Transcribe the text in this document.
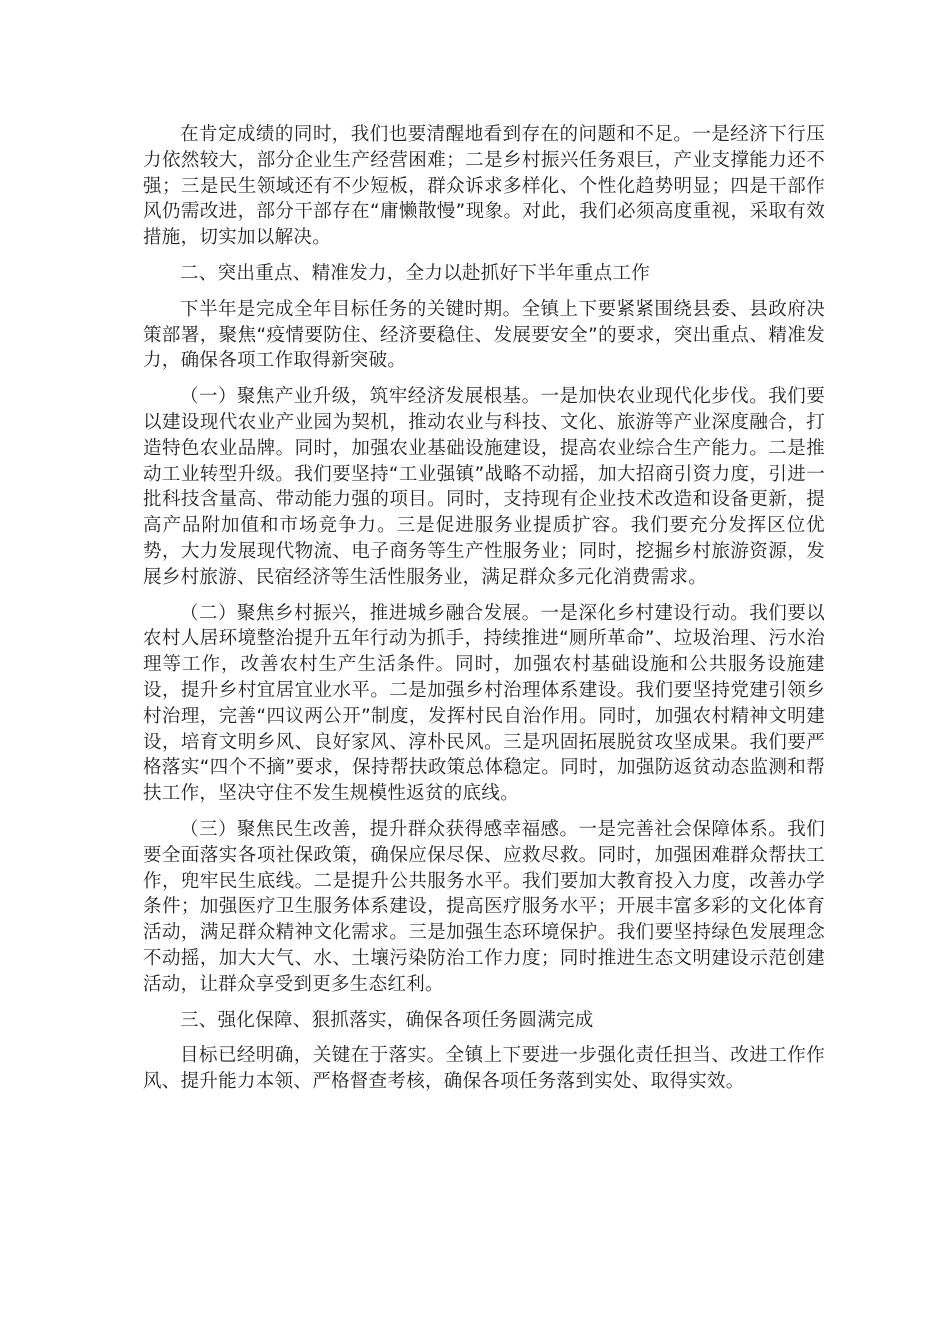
在肯定成绩的同时，我们也要清醒地看到存在的问题和不足。一是经济下行压力依然较大，部分企业生产经营困难；二是乡村振兴任务艰巨，产业支撑能力还不强；三是民生领域还有不少短板，群众诉求多样化、个性化趋势明显；四是干部作风仍需改进，部分干部存在“庸懒散慢”现象。对此，我们必须高度重视，采取有效措施，切实加以解决。

二、突出重点、精准发力，全力以赴抓好下半年重点工作

下半年是完成全年目标任务的关键时期。全镇上下要紧紧围绕县委、县政府决策部署，聚焦“疫情要防住、经济要稳住、发展要安全”的要求，突出重点、精准发力，确保各项工作取得新突破。

（一）聚焦产业升级，筑牢经济发展根基。一是加快农业现代化步伐。我们要以建设现代农业产业园为契机，推动农业与科技、文化、旅游等产业深度融合，打造特色农业品牌。同时，加强农业基础设施建设，提高农业综合生产能力。二是推动工业转型升级。我们要坚持“工业强镇”战略不动摇，加大招商引资力度，引进一批科技含量高、带动能力强的项目。同时，支持现有企业技术改造和设备更新，提高产品附加值和市场竞争力。三是促进服务业提质扩容。我们要充分发挥区位优势，大力发展现代物流、电子商务等生产性服务业；同时，挖掘乡村旅游资源，发展乡村旅游、民宿经济等生活性服务业，满足群众多元化消费需求。

（二）聚焦乡村振兴，推进城乡融合发展。一是深化乡村建设行动。我们要以农村人居环境整治提升五年行动为抓手，持续推进“厕所革命”、垃圾治理、污水治理等工作，改善农村生产生活条件。同时，加强农村基础设施和公共服务设施建设，提升乡村宜居宜业水平。二是加强乡村治理体系建设。我们要坚持党建引领乡村治理，完善“四议两公开”制度，发挥村民自治作用。同时，加强农村精神文明建设，培育文明乡风、良好家风、淳朴民风。三是巩固拓展脱贫攻坚成果。我们要严格落实“四个不摘”要求，保持帮扶政策总体稳定。同时，加强防返贫动态监测和帮扶工作，坚决守住不发生规模性返贫的底线。

（三）聚焦民生改善，提升群众获得感幸福感。一是完善社会保障体系。我们要全面落实各项社保政策，确保应保尽保、应救尽救。同时，加强困难群众帮扶工作，兜牢民生底线。二是提升公共服务水平。我们要加大教育投入力度，改善办学条件；加强医疗卫生服务体系建设，提高医疗服务水平；开展丰富多彩的文化体育活动，满足群众精神文化需求。三是加强生态环境保护。我们要坚持绿色发展理念不动摇，加大大气、水、土壤污染防治工作力度；同时推进生态文明建设示范创建活动，让群众享受到更多生态红利。

三、强化保障、狠抓落实，确保各项任务圆满完成

目标已经明确，关键在于落实。全镇上下要进一步强化责任担当、改进工作作风、提升能力本领、严格督查考核，确保各项任务落到实处、取得实效。
